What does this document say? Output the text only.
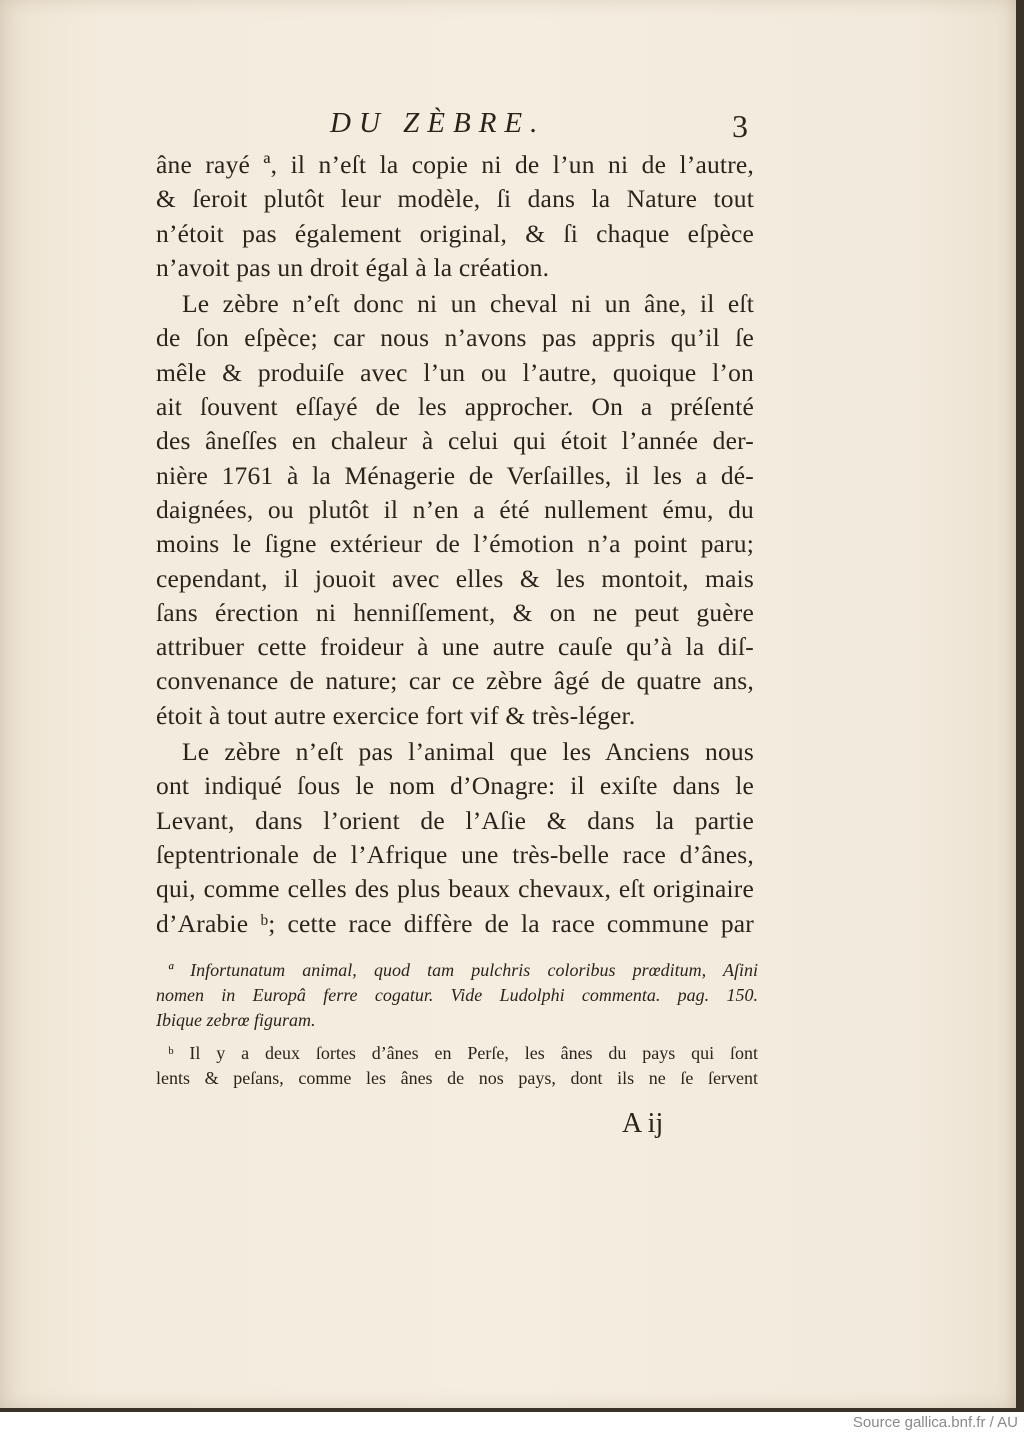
DU ZÈBRE.	3
âne rayé ª, il n’eſt la copie ni de l’un ni de l’autre,
& ſeroit plutôt leur modèle, ſi dans la Nature tout
n’étoit pas également original, & ſi chaque eſpèce
n’avoit pas un droit égal à la création.
Le zèbre n’eſt donc ni un cheval ni un âne, il eſt
de ſon eſpèce; car nous n’avons pas appris qu’il ſe
mêle & produiſe avec l’un ou l’autre, quoique l’on
ait ſouvent eſſayé de les approcher. On a préſenté
des âneſſes en chaleur à celui qui étoit l’année der-
nière 1761 à la Ménagerie de Verſailles, il les a dé-
daignées, ou plutôt il n’en a été nullement ému, du
moins le ſigne extérieur de l’émotion n’a point paru;
cependant, il jouoit avec elles & les montoit, mais
ſans érection ni henniſſement, & on ne peut guère
attribuer cette froideur à une autre cauſe qu’à la diſ-
convenance de nature; car ce zèbre âgé de quatre ans,
étoit à tout autre exercice fort vif & très-léger.
Le zèbre n’eſt pas l’animal que les Anciens nous
ont indiqué ſous le nom d’Onagre: il exiſte dans le
Levant, dans l’orient de l’Aſie & dans la partie
ſeptentrionale de l’Afrique une très-belle race d’ânes,
qui, comme celles des plus beaux chevaux, eſt originaire
d’Arabie ᵇ; cette race diffère de la race commune par
ª Infortunatum animal, quod tam pulchris coloribus prœditum, Aſini
nomen in Europâ ferre cogatur. Vide Ludolphi commenta. pag. 150.
Ibique zebrœ figuram.
ᵇ Il y a deux ſortes d’ânes en Perſe, les ânes du pays qui ſont
lents & peſans, comme les ânes de nos pays, dont ils ne ſe ſervent
A ij
Source gallica.bnf.fr / AU
